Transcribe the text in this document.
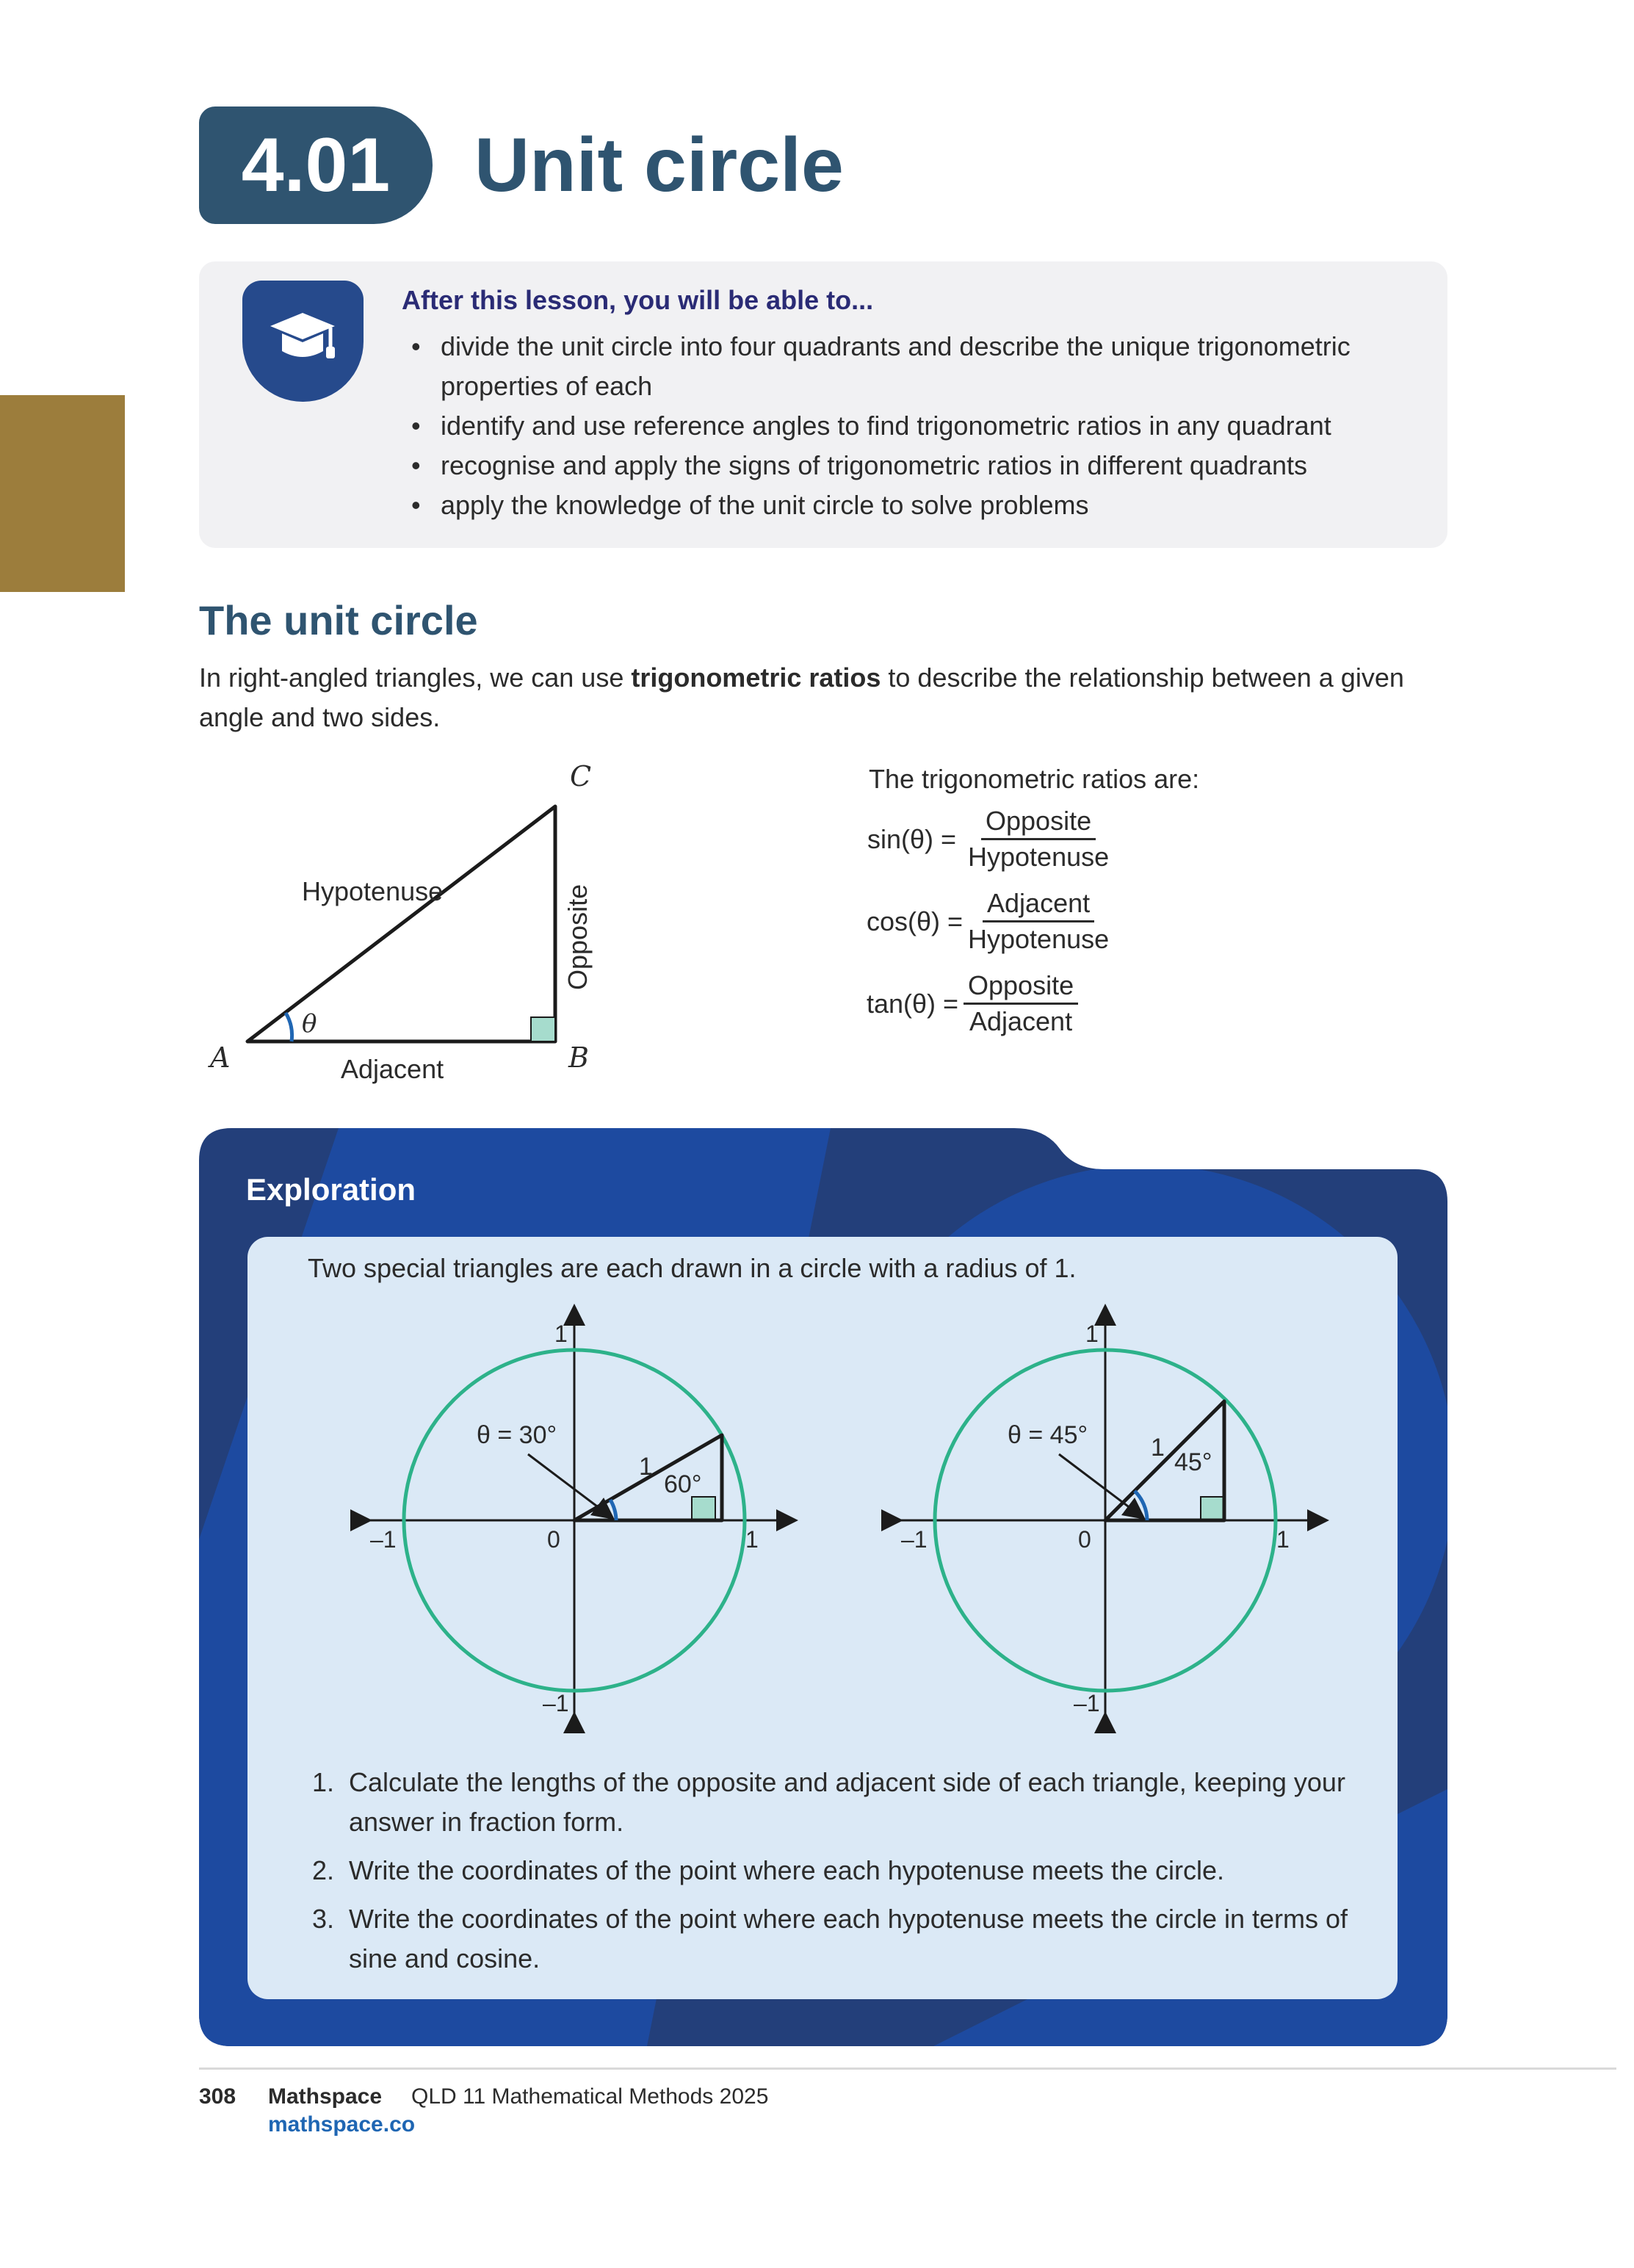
4.01	Unit circle
After this lesson, you will be able to...
• divide the unit circle into four quadrants and describe the unique trigonometric properties of each
• identify and use reference angles to find trigonometric ratios in any quadrant
• recognise and apply the signs of trigonometric ratios in different quadrants
• apply the knowledge of the unit circle to solve problems
The unit circle

In right-angled triangles, we can use trigonometric ratios to describe the relationship between a given angle and two sides.

C
A	B
Hypotenuse
Adjacent
Opposite
θ
The trigonometric ratios are:
$\sin(\theta) = \frac{\text{Opposite}}{\text{Hypotenuse}}$
$\cos(\theta) = \frac{\text{Adjacent}}{\text{Hypotenuse}}$
$\tan(\theta) = \frac{\text{Opposite}}{\text{Adjacent}}$
Exploration
Two special triangles are each drawn in a circle with a radius of 1.
θ = 30°
1
60°
1
–1
–1	1
0
θ = 45°	1
45°
1
–1
–1	1
0
1. Calculate the lengths of the opposite and adjacent side of each triangle, keeping your answer in fraction form.
2. Write the coordinates of the point where each hypotenuse meets the circle.
3. Write the coordinates of the point where each hypotenuse meets the circle in terms of sine and cosine.
308 Mathspace QLD 11 Mathematical Methods 2025
mathspace.co
